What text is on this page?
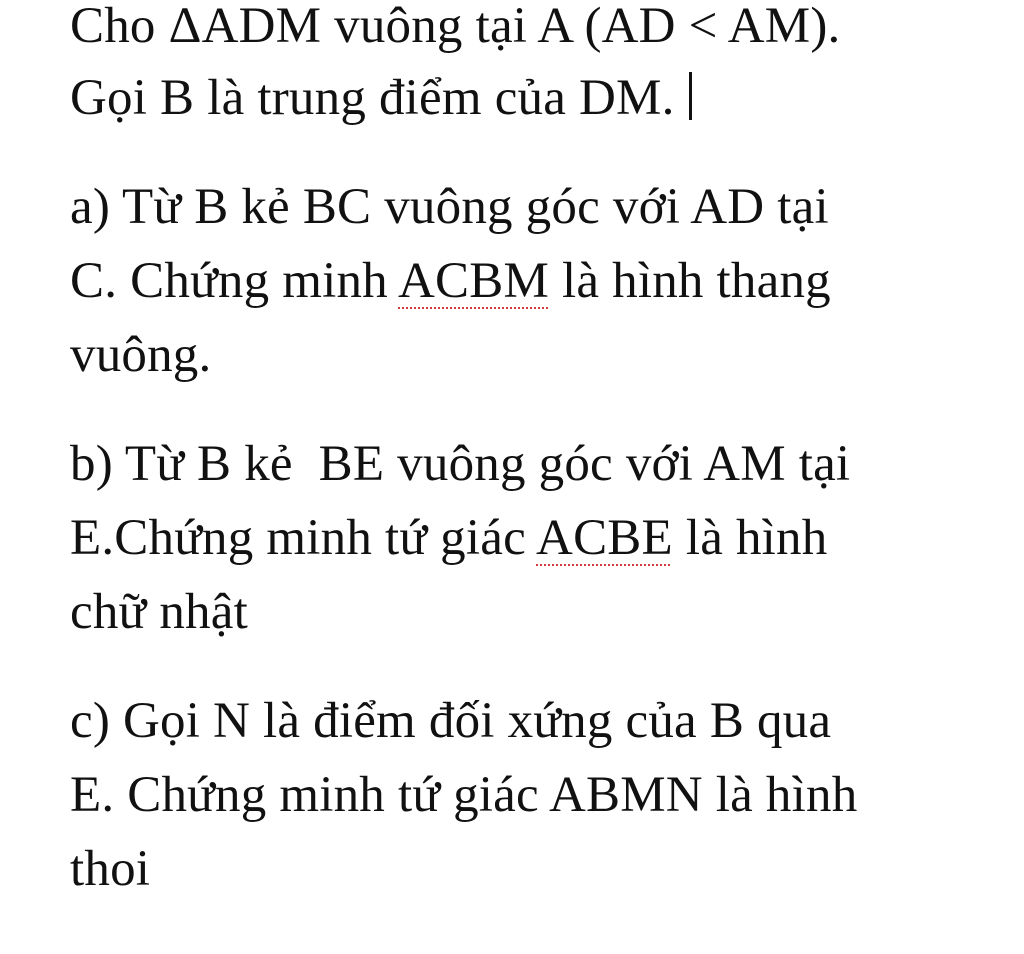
Cho ΔADM vuông tại A (AD < AM).
Gọi B là trung điểm của DM.
a) Từ B kẻ BC vuông góc với AD tại
C. Chứng minh ACBM là hình thang
vuông.
b) Từ B kẻ  BE vuông góc với AM tại
E.Chứng minh tứ giác ACBE là hình
chữ nhật
c) Gọi N là điểm đối xứng của B qua
E. Chứng minh tứ giác ABMN là hình
thoi
